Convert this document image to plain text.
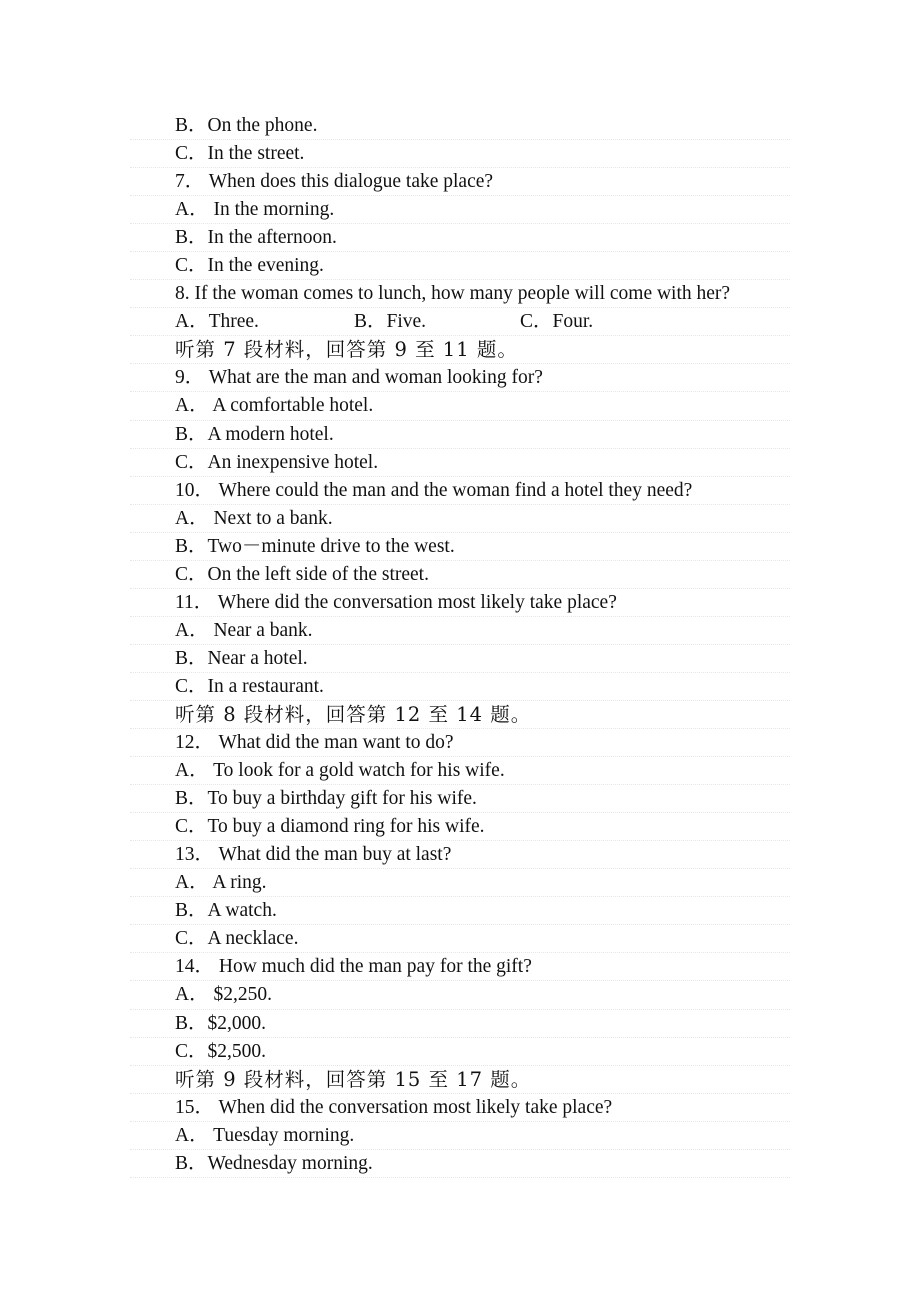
B．On the phone.
C．In the street.
7． When does this dialogue take place?
A． In the morning.
B．In the afternoon.
C．In the evening.
8. If the woman comes to lunch, how many people will come with her?
A．Three.	B．Five.	C．Four.
听第 7 段材料，回答第 9 至 11 题。
9． What are the man and woman looking for?
A． A comfortable hotel.
B．A modern hotel.
C．An inexpensive hotel.
10． Where could the man and the woman find a hotel they need?
A． Next to a bank.
B．Two－minute drive to the west.
C．On the left side of the street.
11． Where did the conversation most likely take place?
A． Near a bank.
B．Near a hotel.
C．In a restaurant.
听第 8 段材料，回答第 12 至 14 题。
12． What did the man want to do?
A． To look for a gold watch for his wife.
B．To buy a birthday gift for his wife.
C．To buy a diamond ring for his wife.
13． What did the man buy at last?
A． A ring.
B．A watch.
C．A necklace.
14． How much did the man pay for the gift?
A． $2,250.
B．$2,000.
C．$2,500.
听第 9 段材料，回答第 15 至 17 题。
15． When did the conversation most likely take place?
A． Tuesday morning.
B．Wednesday morning.
